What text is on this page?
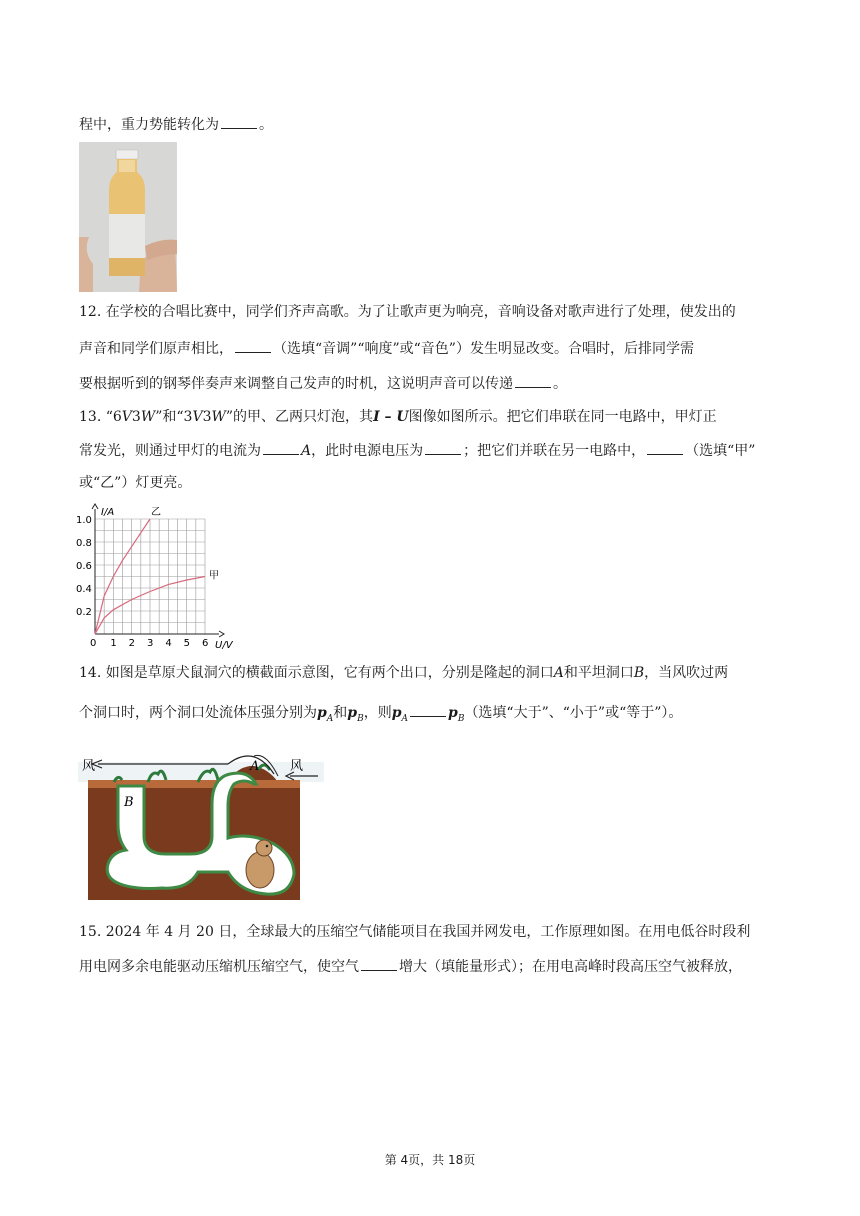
程中，重力势能转化为	。
12. 在学校的合唱比赛中，同学们齐声高歌。为了让歌声更为响亮，音响设备对歌声进行了处理，使发出的
声音和同学们原声相比，	（选填“音调”“响度”或“音色”）发生明显改变。合唱时，后排同学需
要根据听到的钢琴伴奏声来调整自己发声的时机，这说明声音可以传递	。
13. “6V3W”和“3V3W”的甲、乙两只灯泡，其I – U图像如图所示。把它们串联在同一电路中，甲灯正
常发光，则通过甲灯的电流为	A，此时电源电压为	；把它们并联在另一电路中，	（选填“甲”
或“乙”）灯更亮。
0 1 2 3 4 5 6
0.2
0.4
0.6
0.8
1.0
U/V
I/A	乙
甲
14. 如图是草原犬鼠洞穴的横截面示意图，它有两个出口，分别是隆起的洞口A和平坦洞口B，当风吹过两
个洞口时，两个洞口处流体压强分别为$p_A$和$p_B$，则$p_A$	$p_B$（选填“大于”、“小于”或“等于”）。
风	风
A
B
15. 2024 年 4 月 20 日，全球最大的压缩空气储能项目在我国并网发电，工作原理如图。在用电低谷时段利
用电网多余电能驱动压缩机压缩空气，使空气	增大（填能量形式）；在用电高峰时段高压空气被释放，
第 4页，共 18页
